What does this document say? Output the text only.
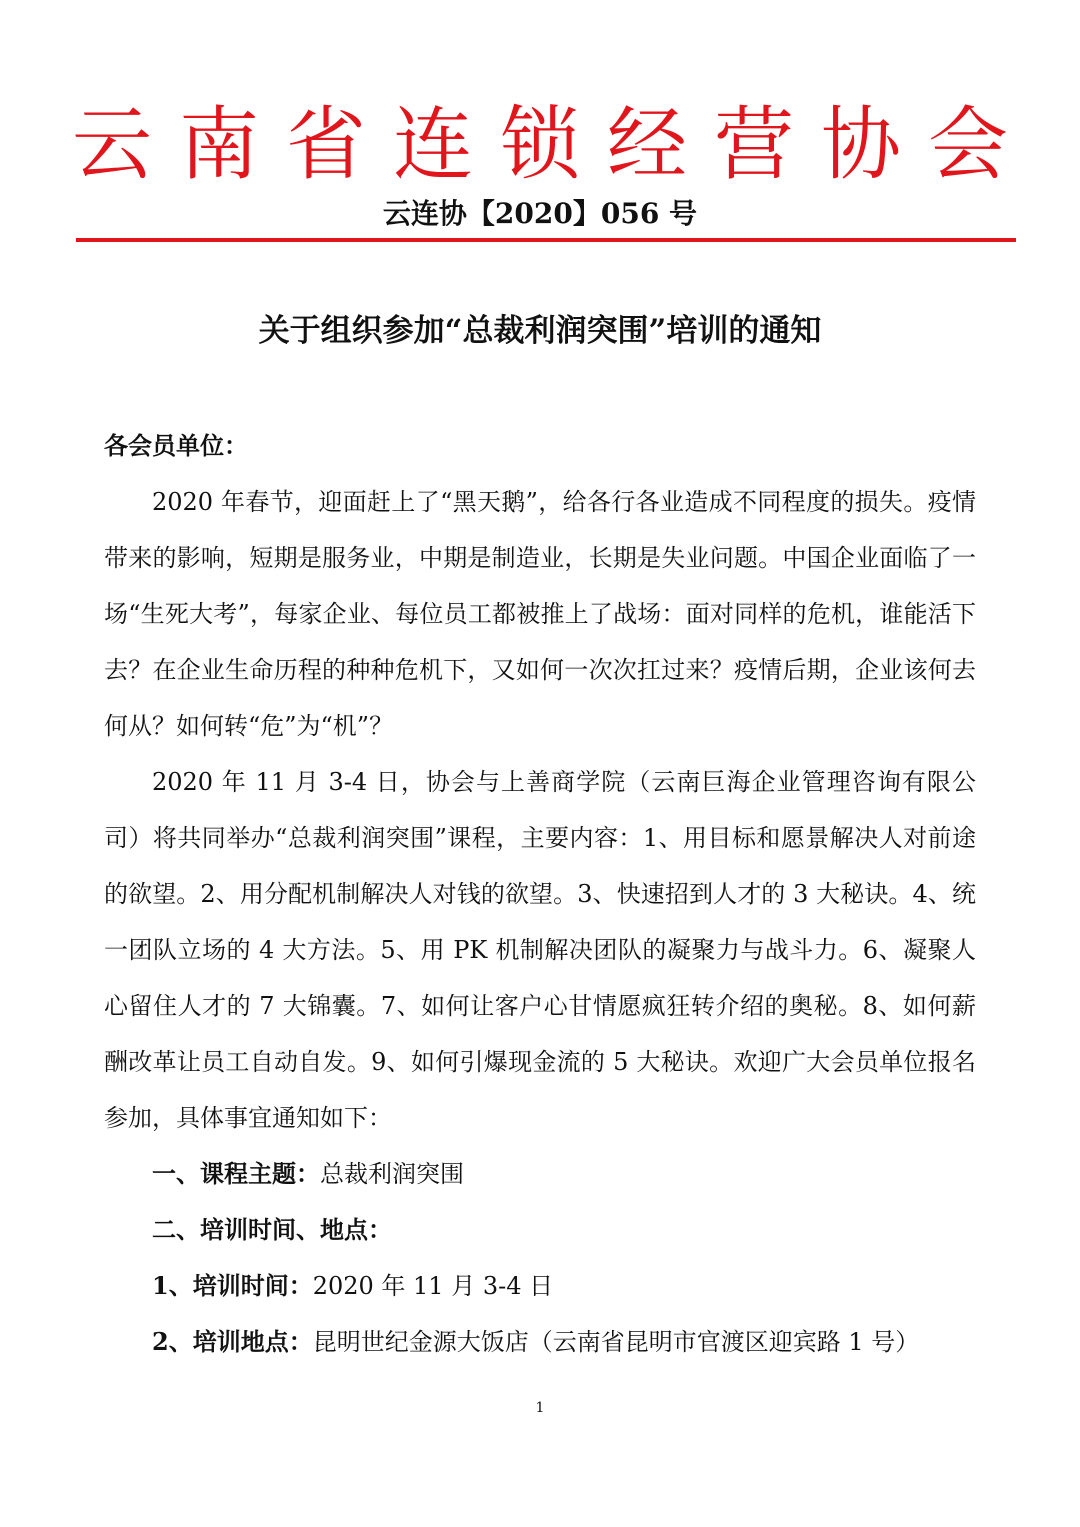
云 南 省 连 锁 经 营 协 会
云连协【2020】056 号
关于组织参加“总裁利润突围”培训的通知

各会员单位：

2020 年春节，迎面赶上了“黑天鹅”，给各行各业造成不同程度的损失。疫情带来的影响，短期是服务业，中期是制造业，长期是失业问题。中国企业面临了一场“生死大考”，每家企业、每位员工都被推上了战场：面对同样的危机，谁能活下去？在企业生命历程的种种危机下，又如何一次次扛过来？疫情后期，企业该何去何从？如何转“危”为“机”？

2020 年 11 月 3-4 日，协会与上善商学院（云南巨海企业管理咨询有限公司）将共同举办“总裁利润突围”课程，主要内容：1、用目标和愿景解决人对前途的欲望。2、用分配机制解决人对钱的欲望。3、快速招到人才的 3 大秘诀。4、统一团队立场的 4 大方法。5、用 PK 机制解决团队的凝聚力与战斗力。6、凝聚人心留住人才的 7 大锦囊。7、如何让客户心甘情愿疯狂转介绍的奥秘。8、如何薪酬改革让员工自动自发。9、如何引爆现金流的 5 大秘诀。欢迎广大会员单位报名参加，具体事宜通知如下：

一、课程主题：总裁利润突围

二、培训时间、地点：

1、培训时间：2020 年 11 月 3-4 日

2、培训地点：昆明世纪金源大饭店（云南省昆明市官渡区迎宾路 1 号）

1
